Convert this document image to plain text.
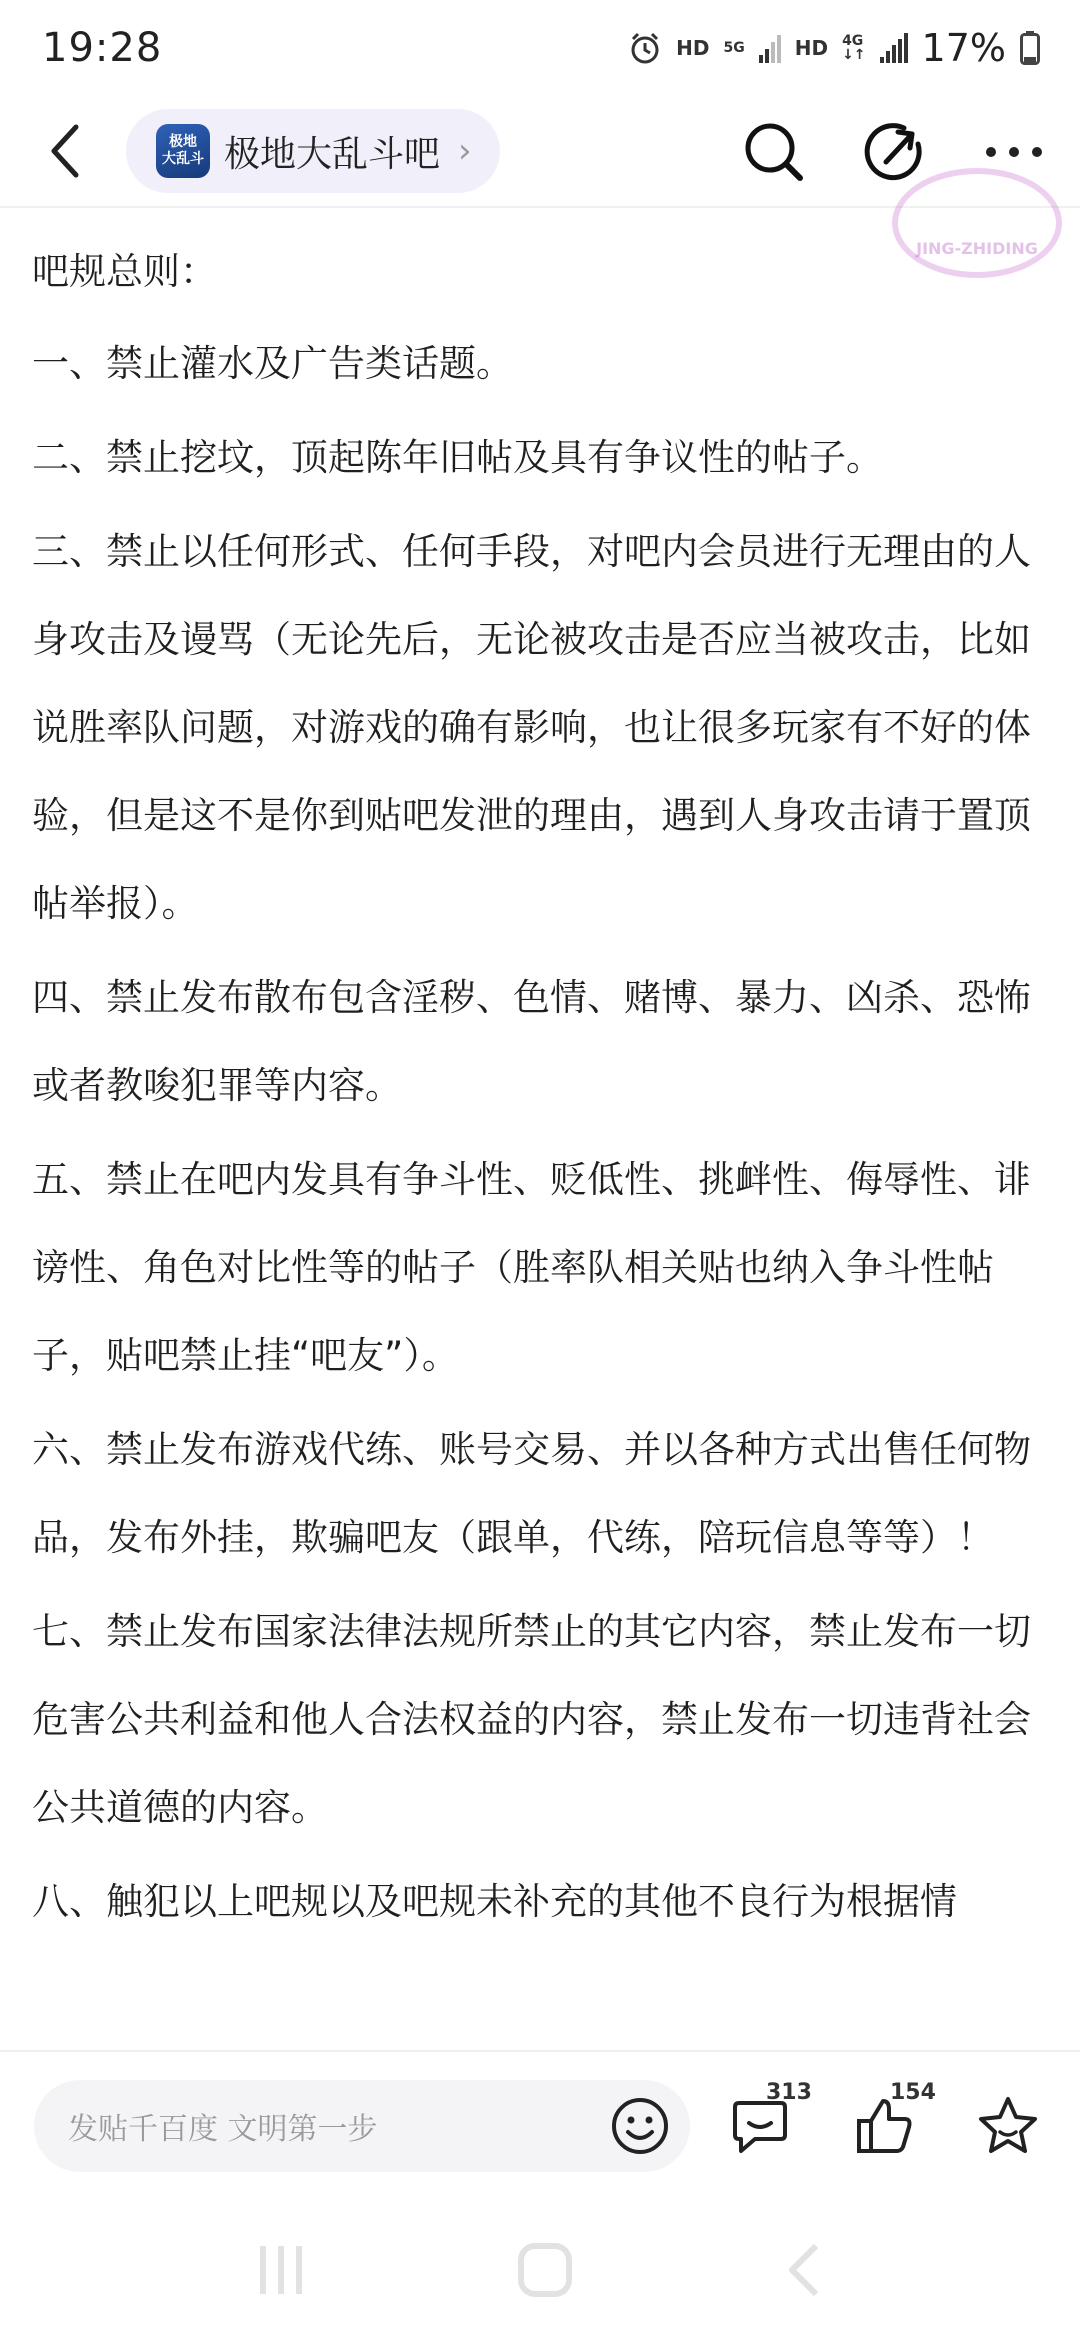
19:28	HD 5G	HD 4G
↓↑ 17%
极地
大乱斗 极地大乱斗吧 ›
JING-ZHIDING

吧规总则：

一、禁止灌水及广告类话题。

二、禁止挖坟，顶起陈年旧帖及具有争议性的帖子。

三、禁止以任何形式、任何手段，对吧内会员进行无理由的人身攻击及谩骂（无论先后，无论被攻击是否应当被攻击，比如说胜率队问题，对游戏的确有影响，也让很多玩家有不好的体验，但是这不是你到贴吧发泄的理由，遇到人身攻击请于置顶帖举报）。

四、禁止发布散布包含淫秽、色情、赌博、暴力、凶杀、恐怖或者教唆犯罪等内容。

五、禁止在吧内发具有争斗性、贬低性、挑衅性、侮辱性、诽谤性、角色对比性等的帖子（胜率队相关贴也纳入争斗性帖子，贴吧禁止挂“吧友”）。

六、禁止发布游戏代练、账号交易、并以各种方式出售任何物品，发布外挂，欺骗吧友（跟单，代练，陪玩信息等等）！

七、禁止发布国家法律法规所禁止的其它内容，禁止发布一切危害公共利益和他人合法权益的内容，禁止发布一切违背社会公共道德的内容。

八、触犯以上吧规以及吧规未补充的其他不良行为根据情

发贴千百度 文明第一步
313	154
